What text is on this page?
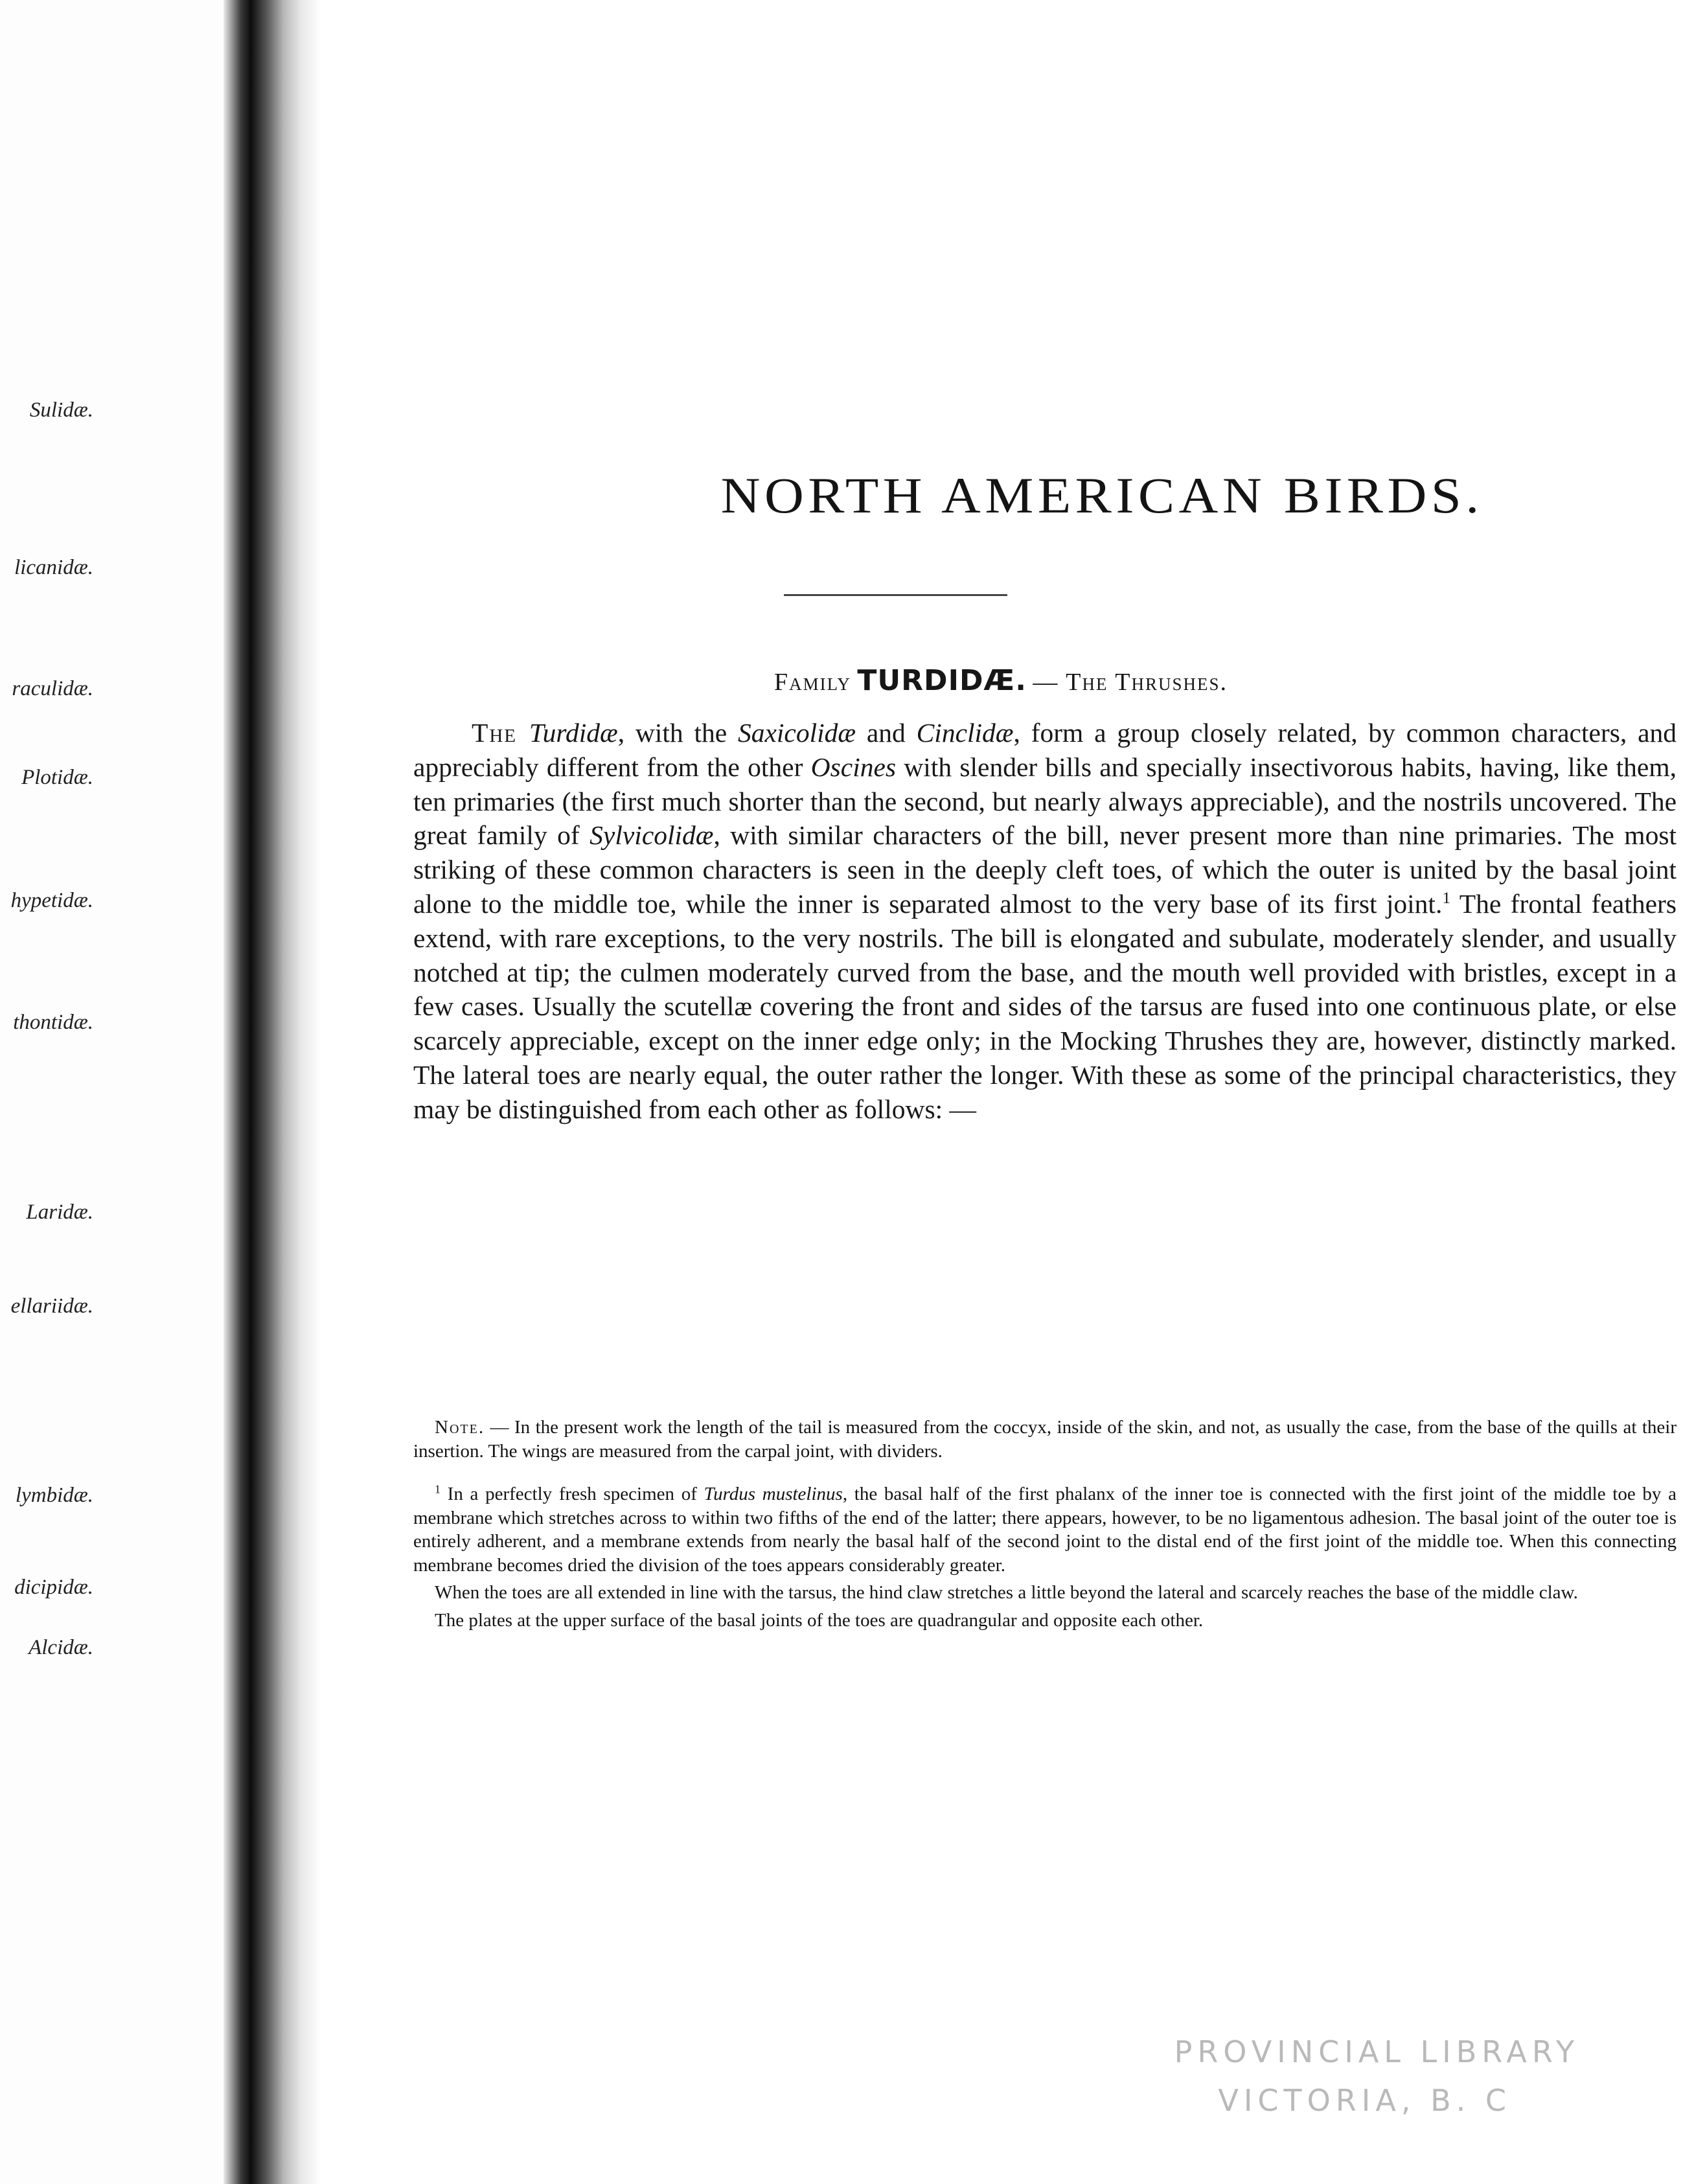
Sulidæ.
licanidæ.
raculidæ.
Plotidæ.
hypetidæ.
thontidæ.
Laridæ.
ellariidæ.
lymbidæ.
dicipidæ.
Alcidæ.
NORTH AMERICAN BIRDS.
Family TURDIDÆ. — The Thrushes.

The Turdidæ, with the Saxicolidæ and Cinclidæ, form a group closely related, by common characters, and appreciably different from the other Oscines with slender bills and specially insectivorous habits, having, like them, ten primaries (the first much shorter than the second, but nearly always appreciable), and the nostrils uncovered. The great family of Sylvicolidæ, with similar characters of the bill, never present more than nine primaries. The most striking of these common characters is seen in the deeply cleft toes, of which the outer is united by the basal joint alone to the middle toe, while the inner is separated almost to the very base of its first joint.$^1$ The frontal feathers extend, with rare exceptions, to the very nostrils. The bill is elongated and subulate, moderately slender, and usually notched at tip; the culmen moderately curved from the base, and the mouth well provided with bristles, except in a few cases. Usually the scutellæ covering the front and sides of the tarsus are fused into one continuous plate, or else scarcely appreciable, except on the inner edge only; in the Mocking Thrushes they are, however, distinctly marked. The lateral toes are nearly equal, the outer rather the longer. With these as some of the principal characteristics, they may be distinguished from each other as follows: —

Note. — In the present work the length of the tail is measured from the coccyx, inside of the skin, and not, as usually the case, from the base of the quills at their insertion. The wings are measured from the carpal joint, with dividers.

$^1$ In a perfectly fresh specimen of Turdus mustelinus, the basal half of the first phalanx of the inner toe is connected with the first joint of the middle toe by a membrane which stretches across to within two fifths of the end of the latter; there appears, however, to be no ligamentous adhesion. The basal joint of the outer toe is entirely adherent, and a membrane extends from nearly the basal half of the second joint to the distal end of the first joint of the middle toe. When this connecting membrane becomes dried the division of the toes appears considerably greater.

When the toes are all extended in line with the tarsus, the hind claw stretches a little beyond the lateral and scarcely reaches the base of the middle claw.

The plates at the upper surface of the basal joints of the toes are quadrangular and opposite each other.

PROVINCIAL LIBRARY
VICTORIA, B. C
